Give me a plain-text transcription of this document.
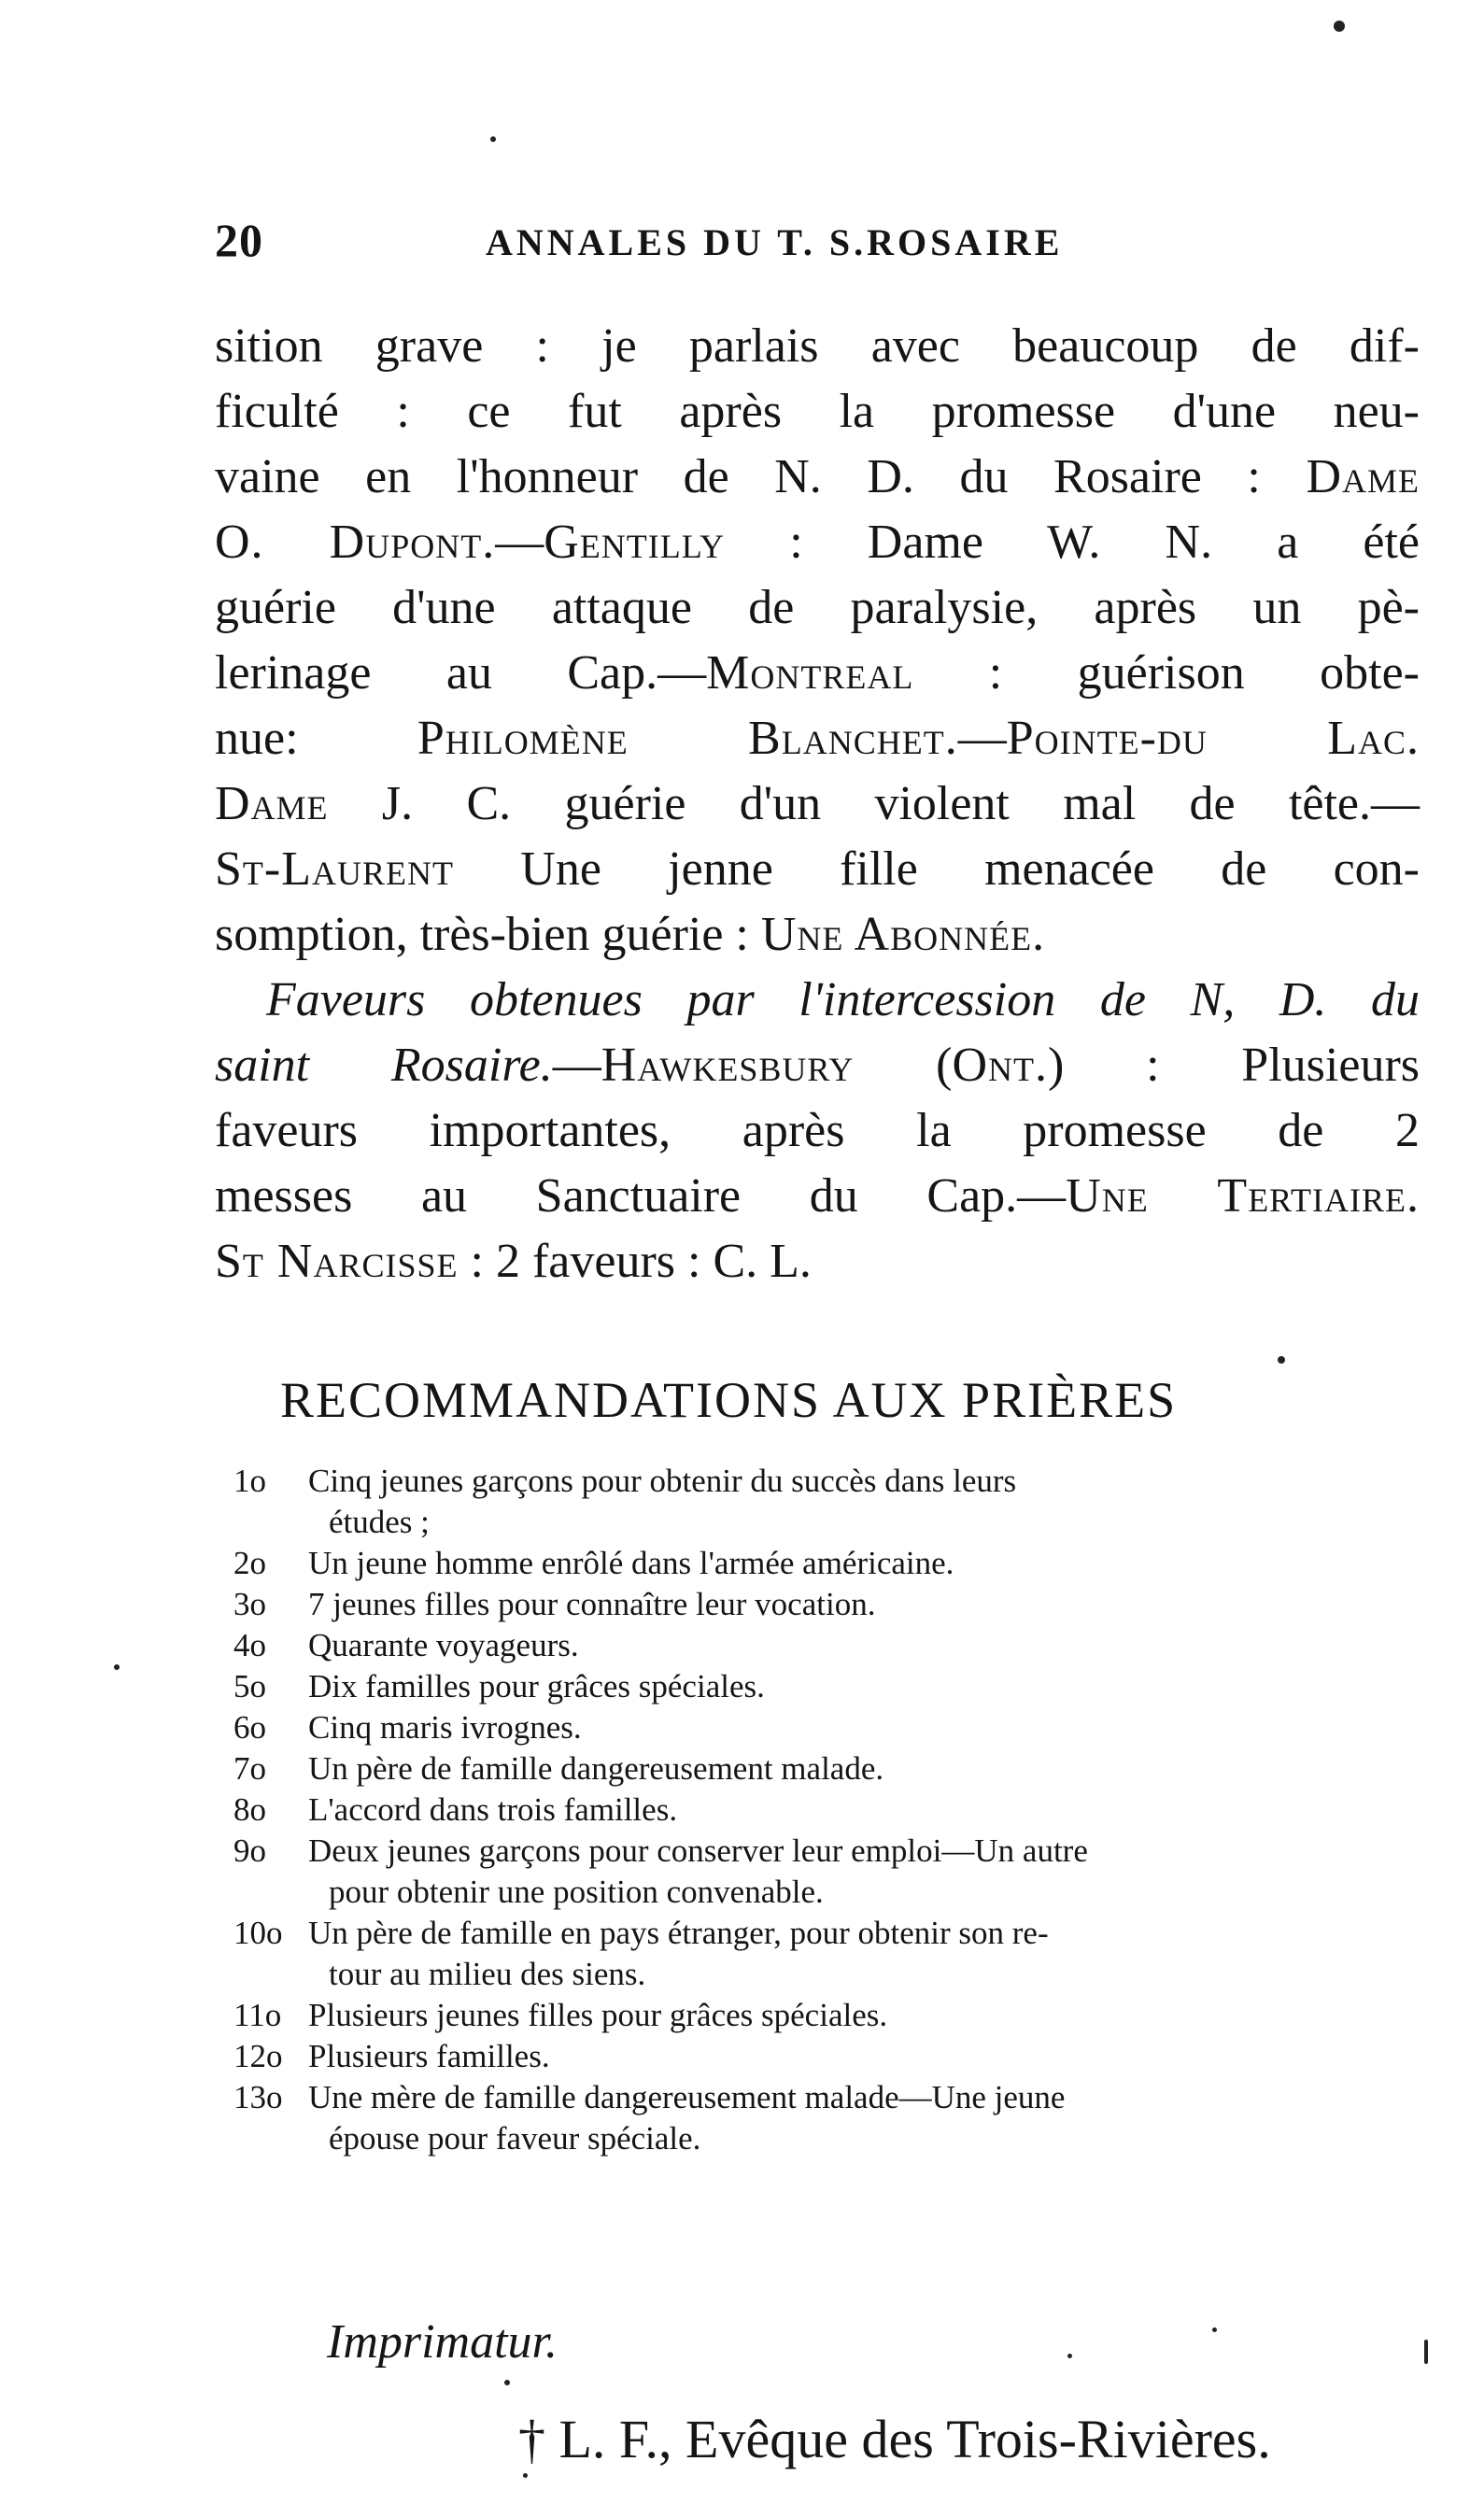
20	ANNALES DU T. S.ROSAIRE
sition grave : je parlais avec beaucoup de dif-
ficulté : ce fut après la promesse d'une neu-
vaine en l'honneur de N. D. du Rosaire : Dame
O. Dupont.—Gentilly : Dame W. N. a été
guérie d'une attaque de paralysie, après un pè-
lerinage au Cap.—Montreal : guérison obte-
nue: Philomène Blanchet.—Pointe-du Lac.
Dame J. C. guérie d'un violent mal de tête.—
St-Laurent Une jenne fille menacée de con-
somption, très-bien guérie : Une Abonnée.
Faveurs obtenues par l'intercession de N, D. du
saint Rosaire.—Hawkesbury (Ont.) : Plusieurs
faveurs importantes, après la promesse de 2
messes au Sanctuaire du Cap.—Une Tertiaire.
St Narcisse : 2 faveurs : C. L.
RECOMMANDATIONS AUX PRIÈRES
1o	Cinq jeunes garçons pour obtenir du succès dans leurs
études ;
2o	Un jeune homme enrôlé dans l'armée américaine.
3o	7 jeunes filles pour connaître leur vocation.
4o	Quarante voyageurs.
5o	Dix familles pour grâces spéciales.
6o	Cinq maris ivrognes.
7o	Un père de famille dangereusement malade.
8o	L'accord dans trois familles.
9o	Deux jeunes garçons pour conserver leur emploi—Un autre
pour obtenir une position convenable.
10o Un père de famille en pays étranger, pour obtenir son re-
tour au milieu des siens.
11o Plusieurs jeunes filles pour grâces spéciales.
12o Plusieurs familles.
13o Une mère de famille dangereusement malade—Une jeune
épouse pour faveur spéciale.
Imprimatur.
† L. F., Evêque des Trois-Rivières.
